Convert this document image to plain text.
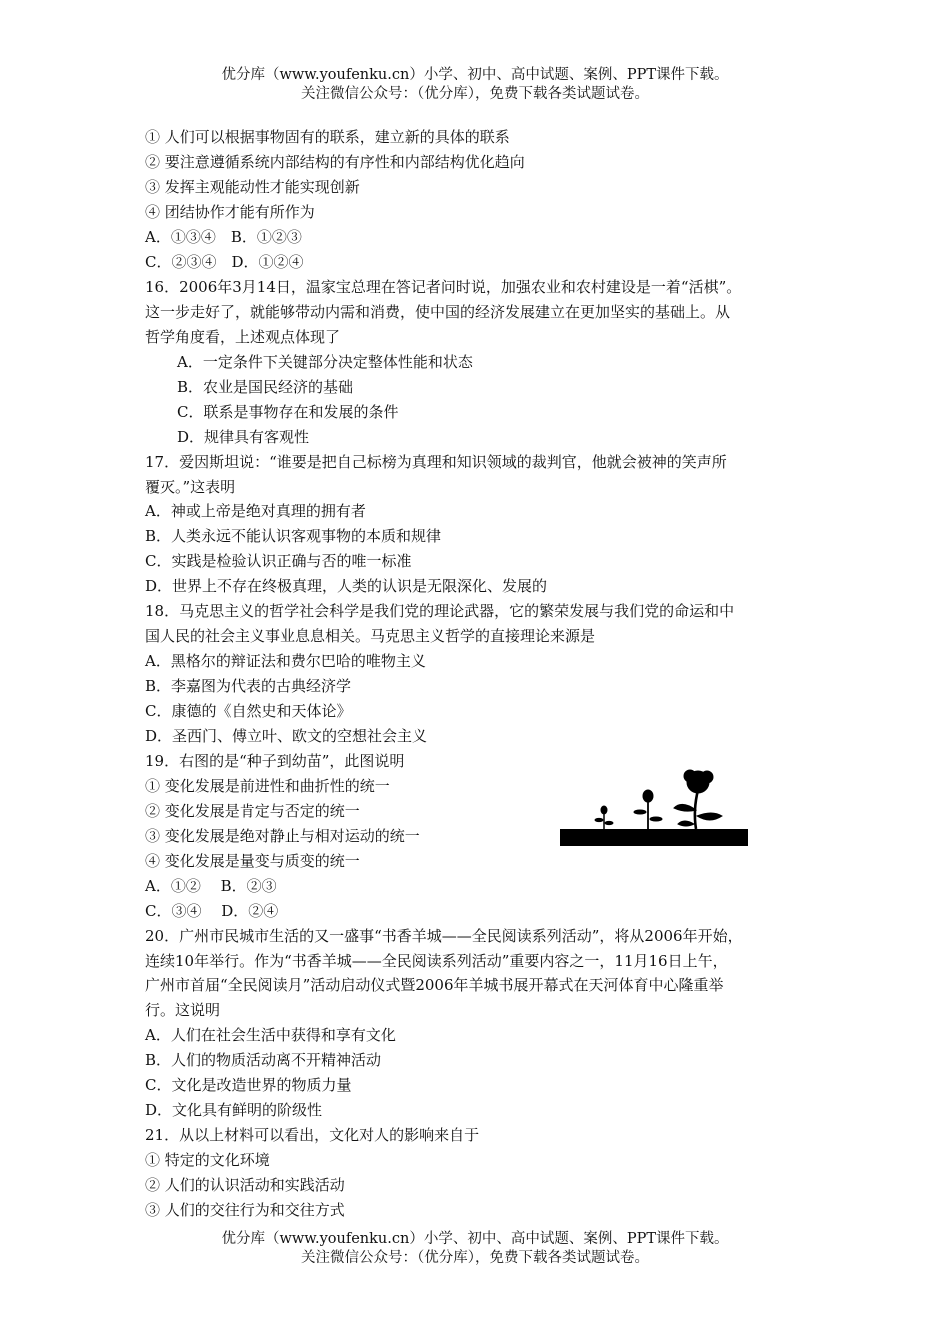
优分库（www.youfenku.cn）小学、初中、高中试题、案例、PPT课件下载。
关注微信公众号：（优分库），免费下载各类试题试卷。
① 人们可以根据事物固有的联系，建立新的具体的联系
② 要注意遵循系统内部结构的有序性和内部结构优化趋向
③ 发挥主观能动性才能实现创新
④ 团结协作才能有所作为
A．①③④　B．①②③
C．②③④　D．①②④
16．2006年3月14日，温家宝总理在答记者问时说，加强农业和农村建设是一着“活棋”。
这一步走好了，就能够带动内需和消费，使中国的经济发展建立在更加坚实的基础上。从
哲学角度看，上述观点体现了
A．一定条件下关键部分决定整体性能和状态
B．农业是国民经济的基础
C．联系是事物存在和发展的条件
D．规律具有客观性
17．爱因斯坦说：“谁要是把自己标榜为真理和知识领域的裁判官，他就会被神的笑声所
覆灭。”这表明
A．神或上帝是绝对真理的拥有者
B．人类永远不能认识客观事物的本质和规律
C．实践是检验认识正确与否的唯一标准
D．世界上不存在终极真理，人类的认识是无限深化、发展的
18．马克思主义的哲学社会科学是我们党的理论武器，它的繁荣发展与我们党的命运和中
国人民的社会主义事业息息相关。马克思主义哲学的直接理论来源是
A．黑格尔的辩证法和费尔巴哈的唯物主义
B．李嘉图为代表的古典经济学
C．康德的《自然史和天体论》
D．圣西门、傅立叶、欧文的空想社会主义
19．右图的是“种子到幼苗”，此图说明
① 变化发展是前进性和曲折性的统一
② 变化发展是肯定与否定的统一
③ 变化发展是绝对静止与相对运动的统一
④ 变化发展是量变与质变的统一
A．①②　 B．②③
C．③④　 D．②④
20．广州市民城市生活的又一盛事“书香羊城——全民阅读系列活动”，将从2006年开始，
连续10年举行。作为“书香羊城——全民阅读系列活动”重要内容之一，11月16日上午，
广州市首届“全民阅读月”活动启动仪式暨2006年羊城书展开幕式在天河体育中心隆重举
行。这说明
A．人们在社会生活中获得和享有文化
B．人们的物质活动离不开精神活动
C．文化是改造世界的物质力量
D．文化具有鲜明的阶级性
21．从以上材料可以看出，文化对人的影响来自于
① 特定的文化环境
② 人们的认识活动和实践活动
③ 人们的交往行为和交往方式
优分库（www.youfenku.cn）小学、初中、高中试题、案例、PPT课件下载。
关注微信公众号：（优分库），免费下载各类试题试卷。
